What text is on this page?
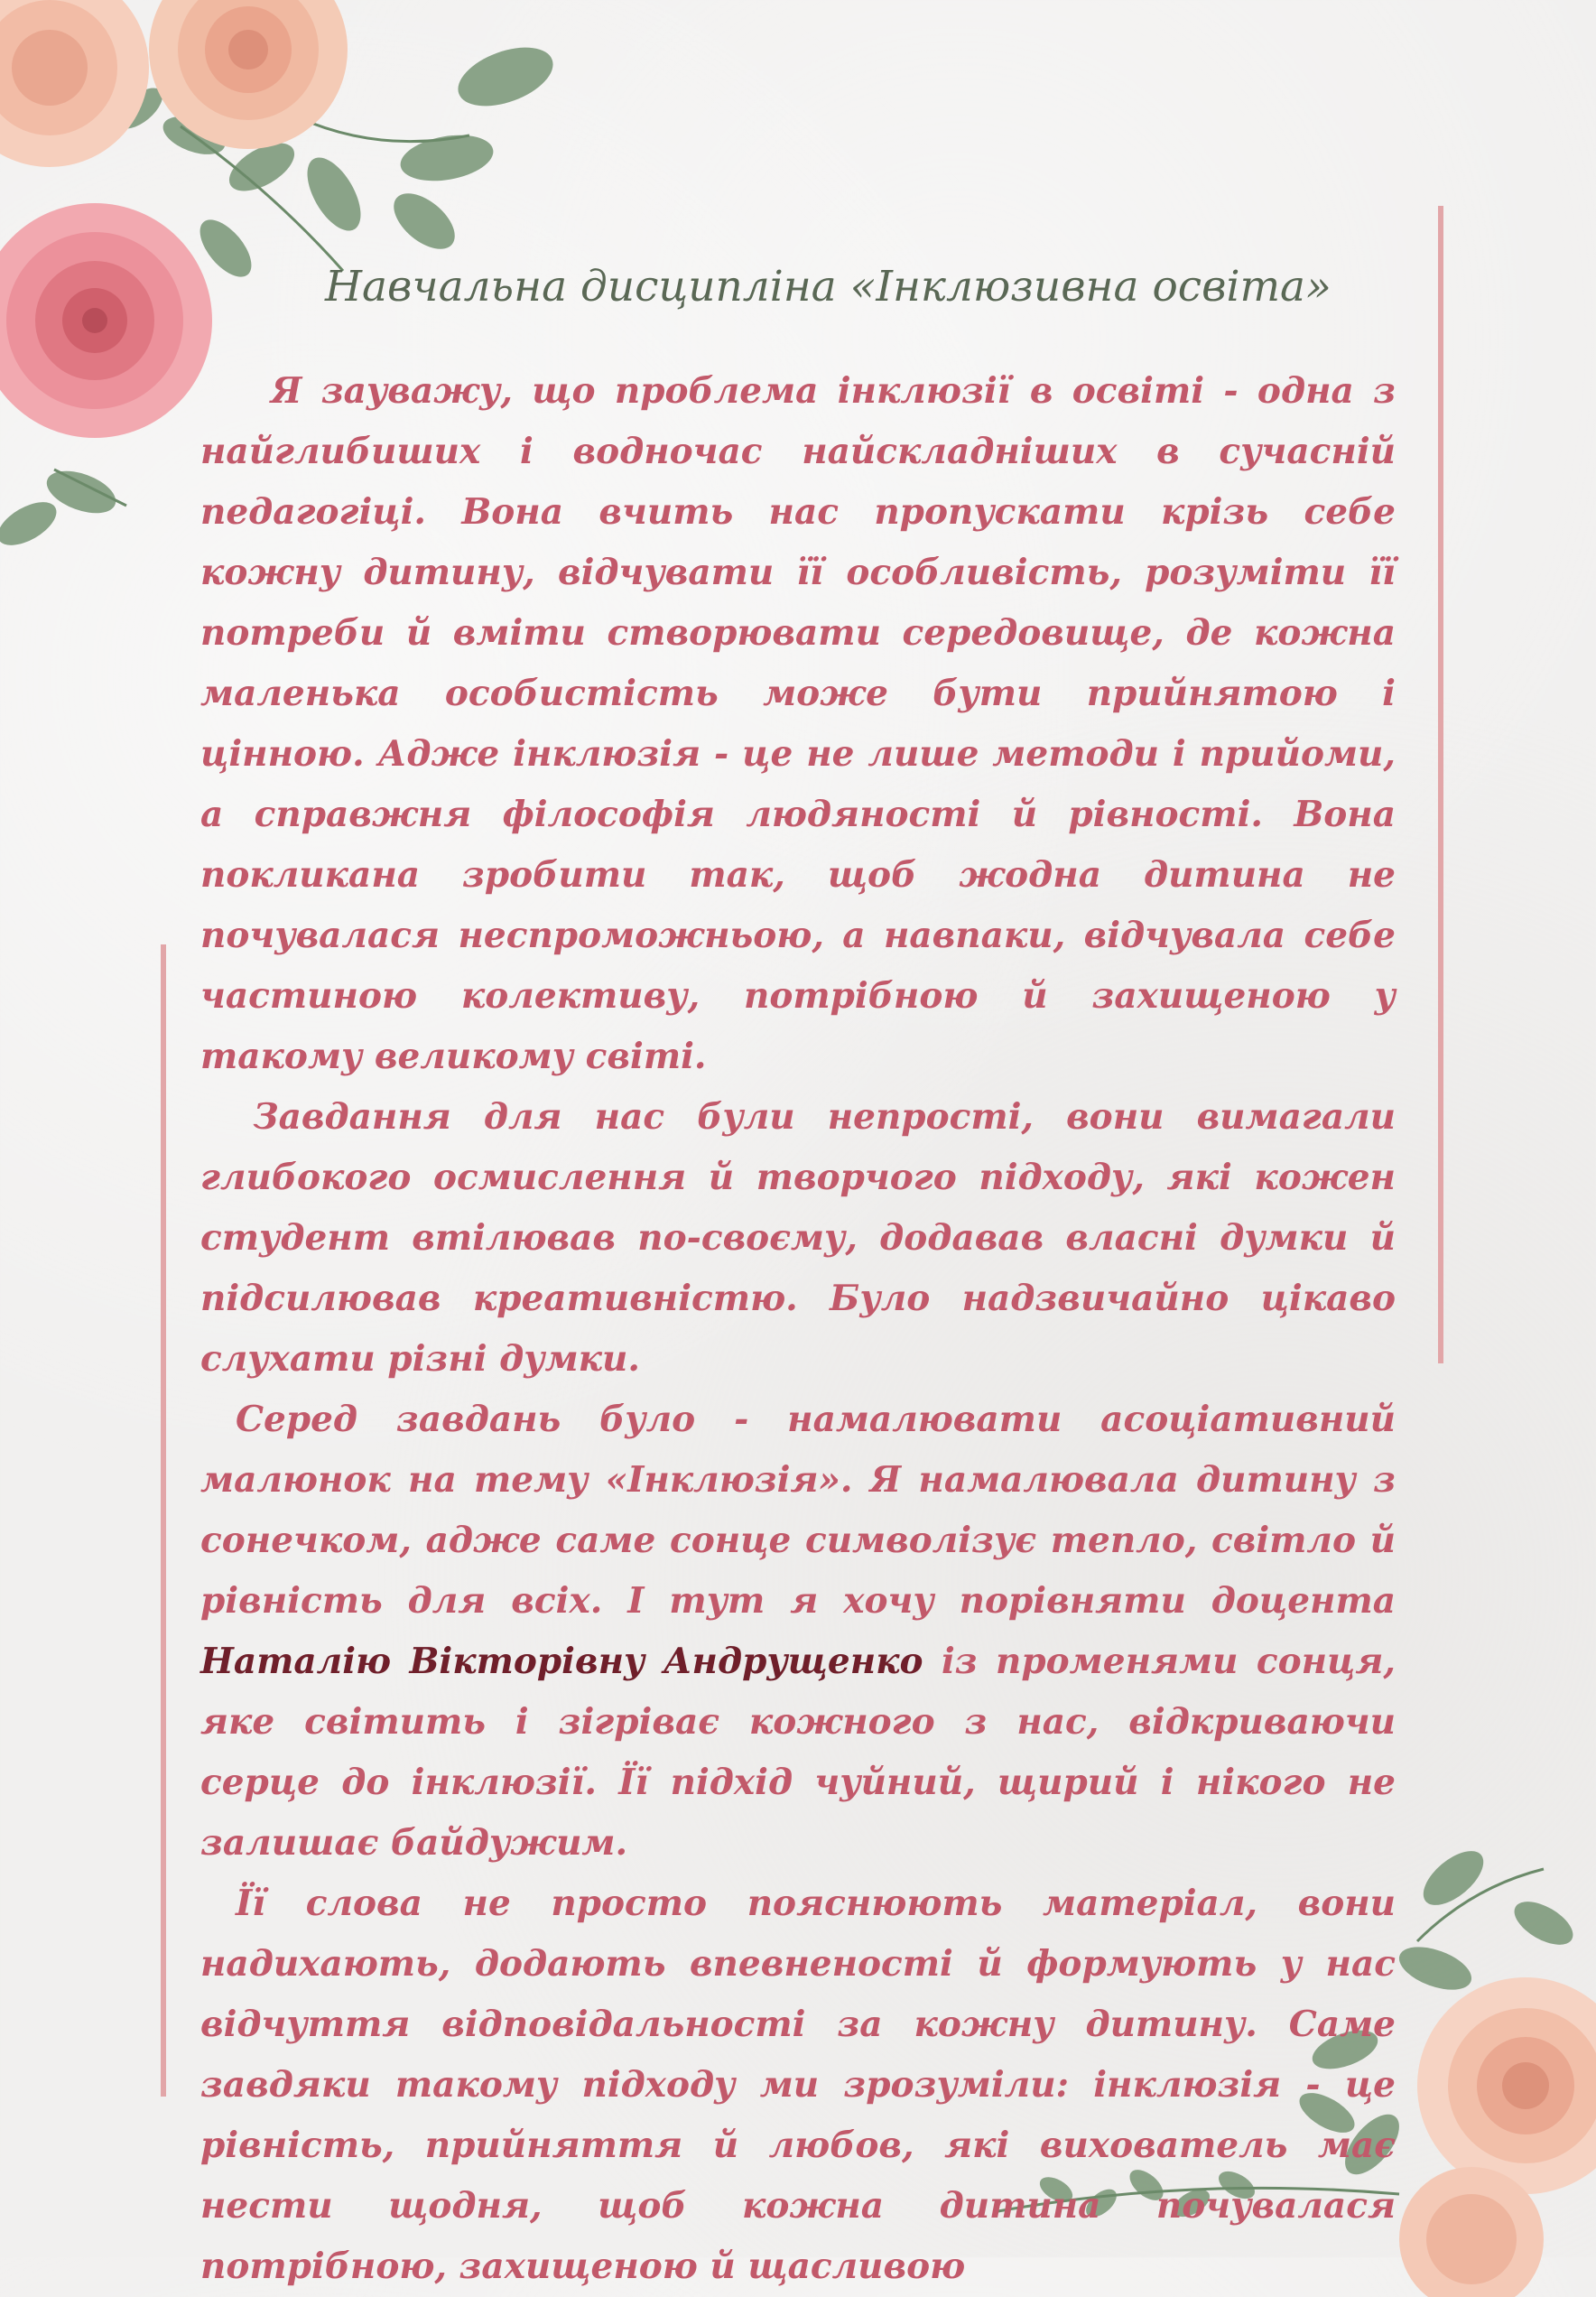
Навчальна дисципліна «Інклюзивна освіта»

  Я зауважу, що проблема інклюзії в освіті - одна з найглибиших і водночас найскладніших в сучасній педагогіці. Вона вчить нас пропускати крізь себе кожну дитину, відчувати її особливість, розуміти її потреби й вміти створювати середовище, де кожна маленька особистість може бути прийнятою і цінною. Адже інклюзія - це не лише методи і прийоми, а справжня філософія людяності й рівності. Вона покликана зробити так, щоб жодна дитина не почувалася неспроможньою, а навпаки, відчувала себе частиною колективу, потрібною й захищеною у такому великому світі.

  Завдання для нас були непрості, вони вимагали глибокого осмислення й творчого підходу, які кожен студент втілював по-своєму, додавав власні думки й підсилював креативністю. Було надзвичайно цікаво слухати різні думки.

 Серед завдань було - намалювати асоціативний малюнок на тему «Інклюзія». Я намалювала дитину з сонечком, адже саме сонце символізує тепло, світло й рівність для всіх. І тут я хочу порівняти доцента Наталію Вікторівну Андрущенко із променями сонця, яке світить і зігріває кожного з нас, відкриваючи серце до інклюзії. Її підхід чуйний, щирий і нікого не залишає байдужим.

 Її слова не просто пояснюють матеріал, вони надихають, додають впевненості й формують у нас відчуття відповідальності за кожну дитину. Саме завдяки такому підходу ми зрозуміли: інклюзія - це рівність, прийняття й любов, які вихователь має нести щодня, щоб кожна дитина почувалася потрібною, захищеною й щасливою
